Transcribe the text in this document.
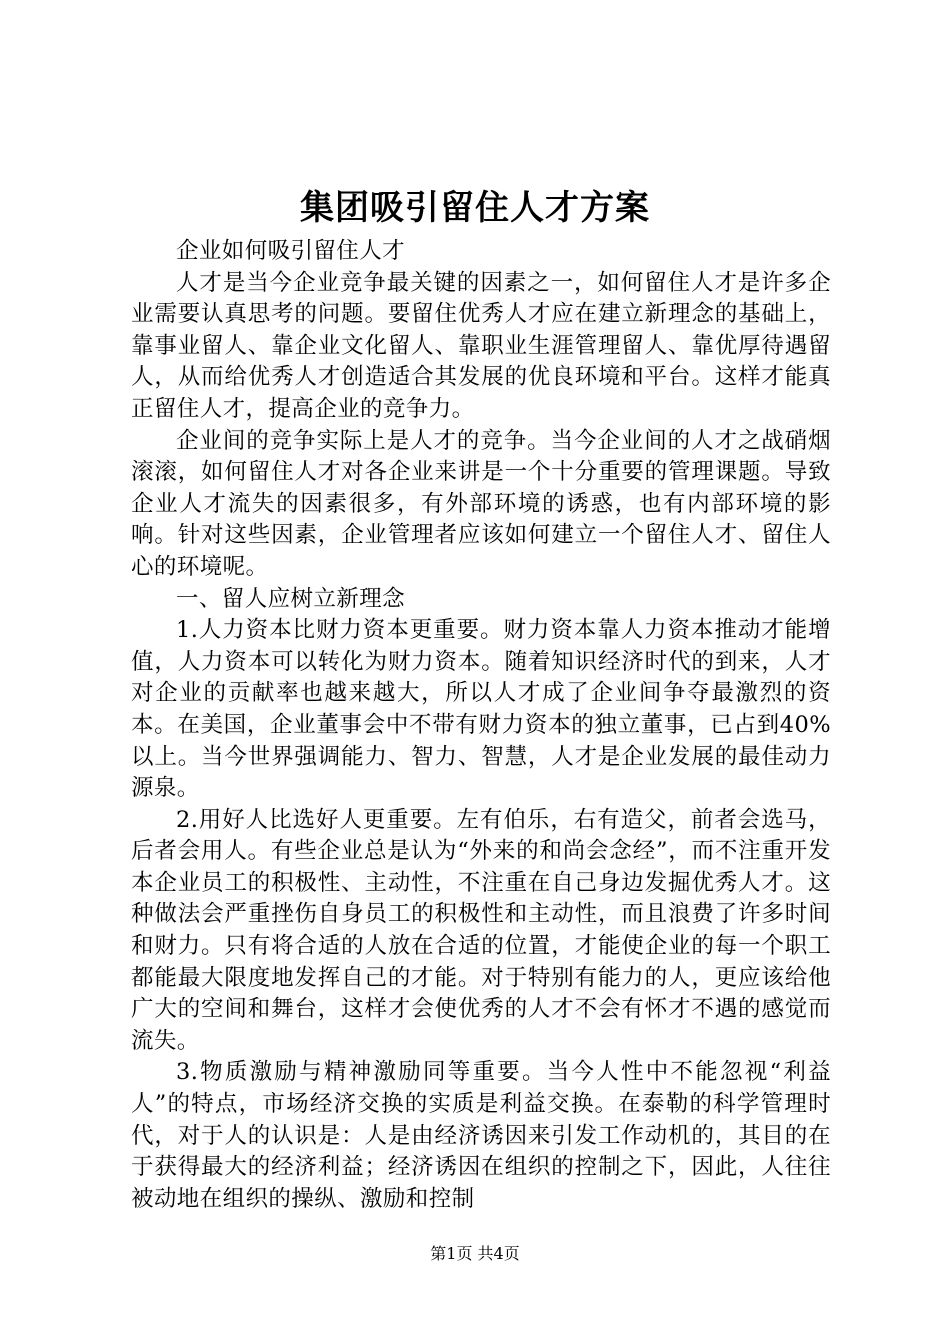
集团吸引留住人才方案

企业如何吸引留住人才

人才是当今企业竞争最关键的因素之一，如何留住人才是许多企业需要认真思考的问题。要留住优秀人才应在建立新理念的基础上，靠事业留人、靠企业文化留人、靠职业生涯管理留人、靠优厚待遇留人，从而给优秀人才创造适合其发展的优良环境和平台。这样才能真正留住人才，提高企业的竞争力。

企业间的竞争实际上是人才的竞争。当今企业间的人才之战硝烟滚滚，如何留住人才对各企业来讲是一个十分重要的管理课题。导致企业人才流失的因素很多，有外部环境的诱惑，也有内部环境的影响。针对这些因素，企业管理者应该如何建立一个留住人才、留住人心的环境呢。

一、留人应树立新理念

1.人力资本比财力资本更重要。财力资本靠人力资本推动才能增值，人力资本可以转化为财力资本。随着知识经济时代的到来，人才对企业的贡献率也越来越大，所以人才成了企业间争夺最激烈的资本。在美国，企业董事会中不带有财力资本的独立董事，已占到40%以上。当今世界强调能力、智力、智慧，人才是企业发展的最佳动力源泉。

2.用好人比选好人更重要。左有伯乐，右有造父，前者会选马，后者会用人。有些企业总是认为“外来的和尚会念经”，而不注重开发本企业员工的积极性、主动性，不注重在自己身边发掘优秀人才。这种做法会严重挫伤自身员工的积极性和主动性，而且浪费了许多时间和财力。只有将合适的人放在合适的位置，才能使企业的每一个职工都能最大限度地发挥自己的才能。对于特别有能力的人，更应该给他广大的空间和舞台，这样才会使优秀的人才不会有怀才不遇的感觉而流失。

3.物质激励与精神激励同等重要。当今人性中不能忽视“利益人”的特点，市场经济交换的实质是利益交换。在泰勒的科学管理时代，对于人的认识是：人是由经济诱因来引发工作动机的，其目的在于获得最大的经济利益；经济诱因在组织的控制之下，因此，人往往被动地在组织的操纵、激励和控制

第1页 共4页
